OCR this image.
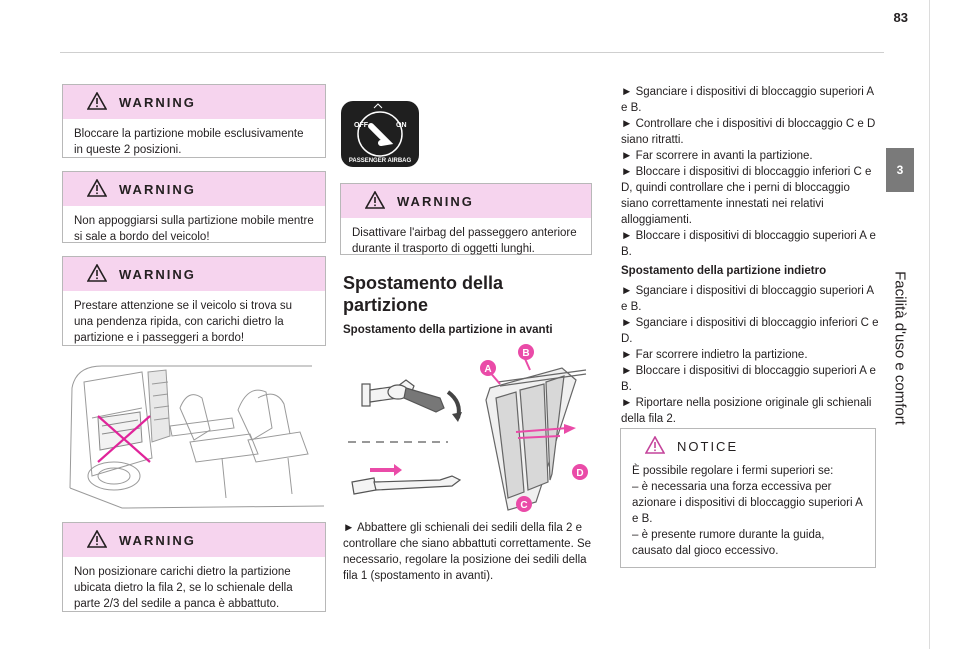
83
3
Facilità d'uso e comfort
WARNING
Bloccare la partizione mobile esclusivamente in queste 2 posizioni.
WARNING
Non appoggiarsi sulla partizione mobile mentre si sale a bordo del veicolo!
WARNING
Prestare attenzione se il veicolo si trova su una pendenza ripida, con carichi dietro la partizione e i passeggeri a bordo!
WARNING
Non posizionare carichi dietro la partizione ubicata dietro la fila 2, se lo schienale della parte 2/3 del sedile a panca è abbattuto.
OFF	ON
PASSENGER AIRBAG
WARNING
Disattivare l'airbag del passeggero anteriore durante il trasporto di oggetti lunghi.
Spostamento della partizione
Spostamento della partizione in avanti
A
B
C
D
► Abbattere gli schienali dei sedili della fila 2 e controllare che siano abbattuti correttamente. Se necessario, regolare la posizione dei sedili della fila 1 (spostamento in avanti).
► Sganciare i dispositivi di bloccaggio superiori A e B.
► Controllare che i dispositivi di bloccaggio C e D siano ritratti.
► Far scorrere in avanti la partizione.
► Bloccare i dispositivi di bloccaggio inferiori C e D, quindi controllare che i perni di bloccaggio siano correttamente innestati nei relativi alloggiamenti.
► Bloccare i dispositivi di bloccaggio superiori A e B.
Spostamento della partizione indietro
► Sganciare i dispositivi di bloccaggio superiori A e B.
► Sganciare i dispositivi di bloccaggio inferiori C e D.
► Far scorrere indietro la partizione.
► Bloccare i dispositivi di bloccaggio superiori A e B.
► Riportare nella posizione originale gli schienali della fila 2.
NOTICE
È possibile regolare i fermi superiori se:
– è necessaria una forza eccessiva per azionare i dispositivi di bloccaggio superiori A e B.
– è presente rumore durante la guida, causato dal gioco eccessivo.
